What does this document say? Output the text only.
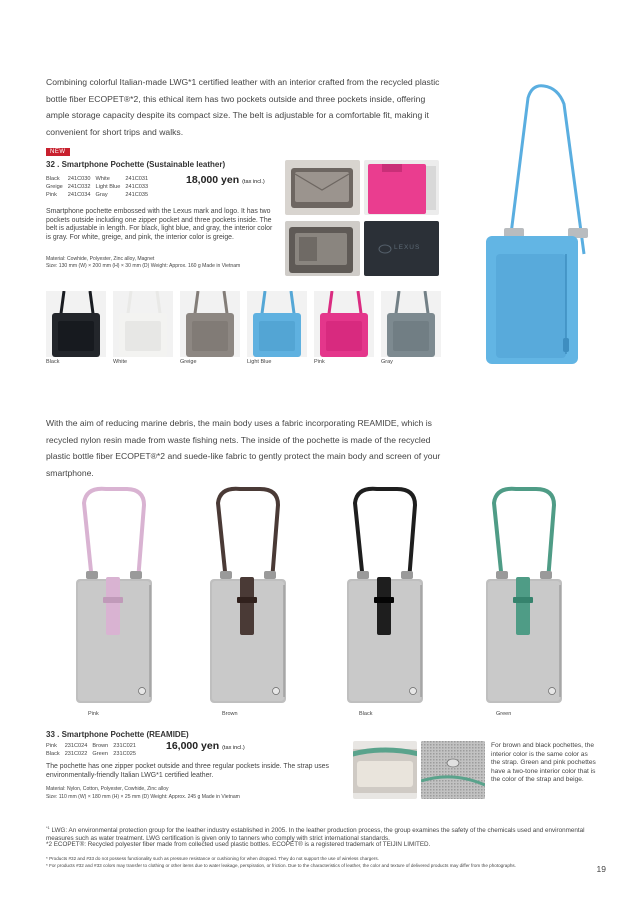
Combining colorful Italian-made LWG*1 certified leather with an interior crafted from the recycled plastic bottle fiber ECOPET®*2, this ethical item has two pockets outside and three pockets inside, offering ample storage capacity despite its compact size. The belt is adjustable for a comfortable fit, making it convenient for short trips and walks.

NEW
32 . Smartphone Pochette (Sustainable leather)
Black	241C030	White	241C031
Greige	241C032	Light Blue	241C033
Pink	241C034	Gray	241C035
18,000 yen (tax incl.)

Smartphone pochette embossed with the Lexus mark and logo. It has two pockets outside including one zipper pocket and three pockets inside. The belt is adjustable in length. For black, light blue, and gray, the interior color is gray. For white, greige, and pink, the interior color is greige.

Material: Cowhide, Polyester, Zinc alloy, Magnet

Size: 130 mm (W) × 200 mm (H) × 30 mm (D) Weight: Approx. 160 g Made in Vietnam

LEXUS
Black	White	Greige	Light Blue	Pink	Gray

With the aim of reducing marine debris, the main body uses a fabric incorporating REAMIDE, which is recycled nylon resin made from waste fishing nets. The inside of the pochette is made of the recycled plastic bottle fiber ECOPET®*2 and suede-like fabric to gently protect the main body and screen of your smartphone.

Pink	Brown	Black	Green
33 . Smartphone Pochette (REAMIDE)
Pink	231C024	Brown	231C021
Black	231C022	Green	231C025
16,000 yen (tax incl.)

The pochette has one zipper pocket outside and three regular pockets inside. The strap uses environmentally-friendly Italian LWG*1 certified leather.

Material: Nylon, Cotton, Polyester, Cowhide, Zinc alloy

Size: 110 mm (W) × 180 mm (H) × 25 mm (D) Weight: Approx. 245 g Made in Vietnam

For brown and black pochettes, the interior color is the same color as the strap. Green and pink pochettes have a two-tone interior color that is the color of the strap and beige.

$^{*1}$ LWG: An environmental protection group for the leather industry established in 2005. In the leather production process, the group examines the safety of the chemicals used and environmental measures such as water treatment. LWG certification is given only to tanners who comply with strict international standards.
*2 ECOPET®: Recycled polyester fiber made from collected used plastic bottles. ECOPET® is a registered trademark of TEIJIN LIMITED.
* Products #32 and #33 do not possess functionality such as pressure resistance or cushioning for when dropped. They do not support the use of wireless chargers.
* For products #32 and #33 colors may transfer to clothing or other items due to water leakage, perspiration, or friction. Due to the characteristics of leather, the color and texture of delivered products may differ from the photographs.	19
